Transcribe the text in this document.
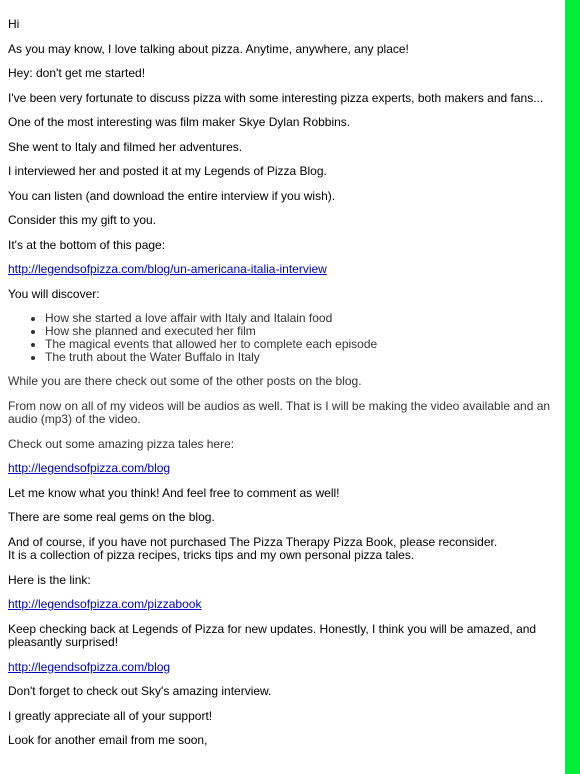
Hi

As you may know, I love talking about pizza. Anytime, anywhere, any place!

Hey: don't get me started!

I've been very fortunate to discuss pizza with some interesting pizza experts, both makers and fans...

One of the most interesting was film maker Skye Dylan Robbins.

She went to Italy and filmed her adventures.

I interviewed her and posted it at my Legends of Pizza Blog.

You can listen (and download the entire interview if you wish).

Consider this my gift to you.

It's at the bottom of this page:

http://legendsofpizza.com/blog/un-americana-italia-interview

You will discover:

• How she started a love affair with Italy and Italain food
• How she planned and executed her film
• The magical events that allowed her to complete each episode
• The truth about the Water Buffalo in Italy

While you are there check out some of the other posts on the blog.

From now on all of my videos will be audios as well. That is I will be making the video available and an audio (mp3) of the video.

Check out some amazing pizza tales here:

http://legendsofpizza.com/blog

Let me know what you think! And feel free to comment as well!

There are some real gems on the blog.

And of course, if you have not purchased The Pizza Therapy Pizza Book, please reconsider.
It is a collection of pizza recipes, tricks tips and my own personal pizza tales.

Here is the link:

http://legendsofpizza.com/pizzabook

Keep checking back at Legends of Pizza for new updates. Honestly, I think you will be amazed, and pleasantly surprised!

http://legendsofpizza.com/blog

Don't forget to check out Sky's amazing interview.

I greatly appreciate all of your support!

Look for another email from me soon,
